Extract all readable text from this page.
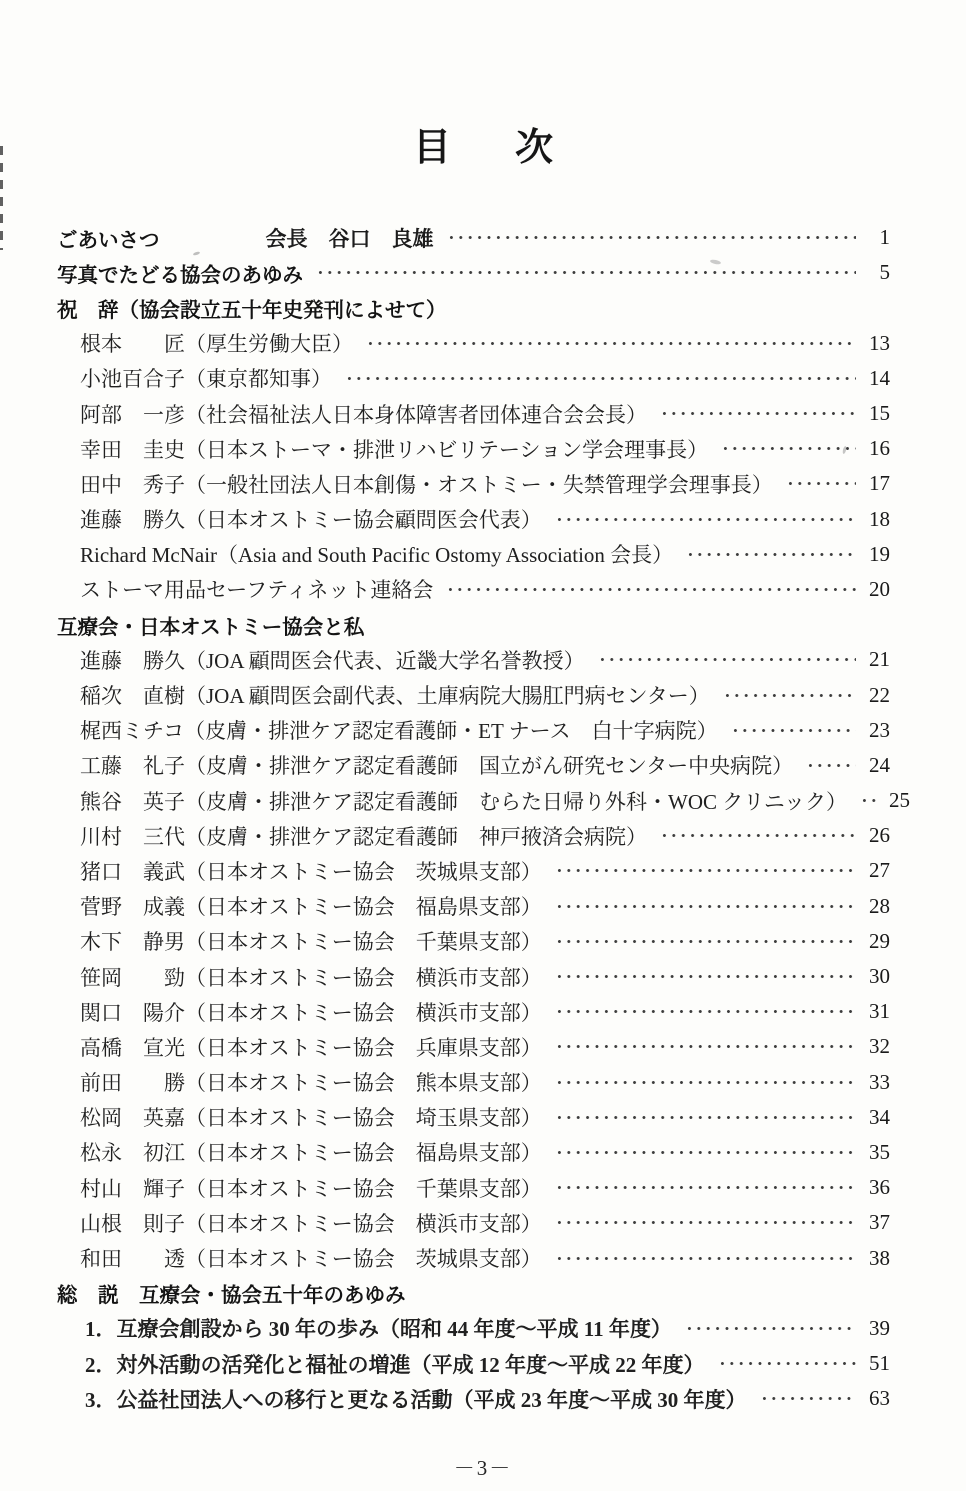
目　次
ごあいさつ	会長　谷口　良雄	1
写真でたどる協会のあゆみ	5
祝　辞（協会設立五十年史発刊によせて）
根本　　匠（厚生労働大臣）	13
小池百合子（東京都知事）	14
阿部　一彦（社会福祉法人日本身体障害者団体連合会会長）	15
幸田　圭史（日本ストーマ・排泄リハビリテーション学会理事長）	16
田中　秀子（一般社団法人日本創傷・オストミー・失禁管理学会理事長）	17
進藤　勝久（日本オストミー協会顧問医会代表）	18
Richard McNair（Asia and South Pacific Ostomy Association 会長）	19
ストーマ用品セーフティネット連絡会	20
互療会・日本オストミー協会と私
進藤　勝久（JOA 顧問医会代表、近畿大学名誉教授）	21
稲次　直樹（JOA 顧問医会副代表、土庫病院大腸肛門病センター）	22
梶西ミチコ（皮膚・排泄ケア認定看護師・ET ナース　白十字病院）	23
工藤　礼子（皮膚・排泄ケア認定看護師　国立がん研究センター中央病院）	24
熊谷　英子（皮膚・排泄ケア認定看護師　むらた日帰り外科・WOC クリニック） 25
川村　三代（皮膚・排泄ケア認定看護師　神戸掖済会病院）	26
猪口　義武（日本オストミー協会　茨城県支部）	27
菅野　成義（日本オストミー協会　福島県支部）	28
木下　静男（日本オストミー協会　千葉県支部）	29
笹岡　　勁（日本オストミー協会　横浜市支部）	30
関口　陽介（日本オストミー協会　横浜市支部）	31
高橋　宣光（日本オストミー協会　兵庫県支部）	32
前田　　勝（日本オストミー協会　熊本県支部）	33
松岡　英嘉（日本オストミー協会　埼玉県支部）	34
松永　初江（日本オストミー協会　福島県支部）	35
村山　輝子（日本オストミー協会　千葉県支部）	36
山根　則子（日本オストミー協会　横浜市支部）	37
和田　　透（日本オストミー協会　茨城県支部）	38
総　説　互療会・協会五十年のあゆみ
1．互療会創設から 30 年の歩み（昭和 44 年度～平成 11 年度）	39
2．対外活動の活発化と福祉の増進（平成 12 年度～平成 22 年度）	51
3．公益社団法人への移行と更なる活動（平成 23 年度～平成 30 年度）	63
－3－
